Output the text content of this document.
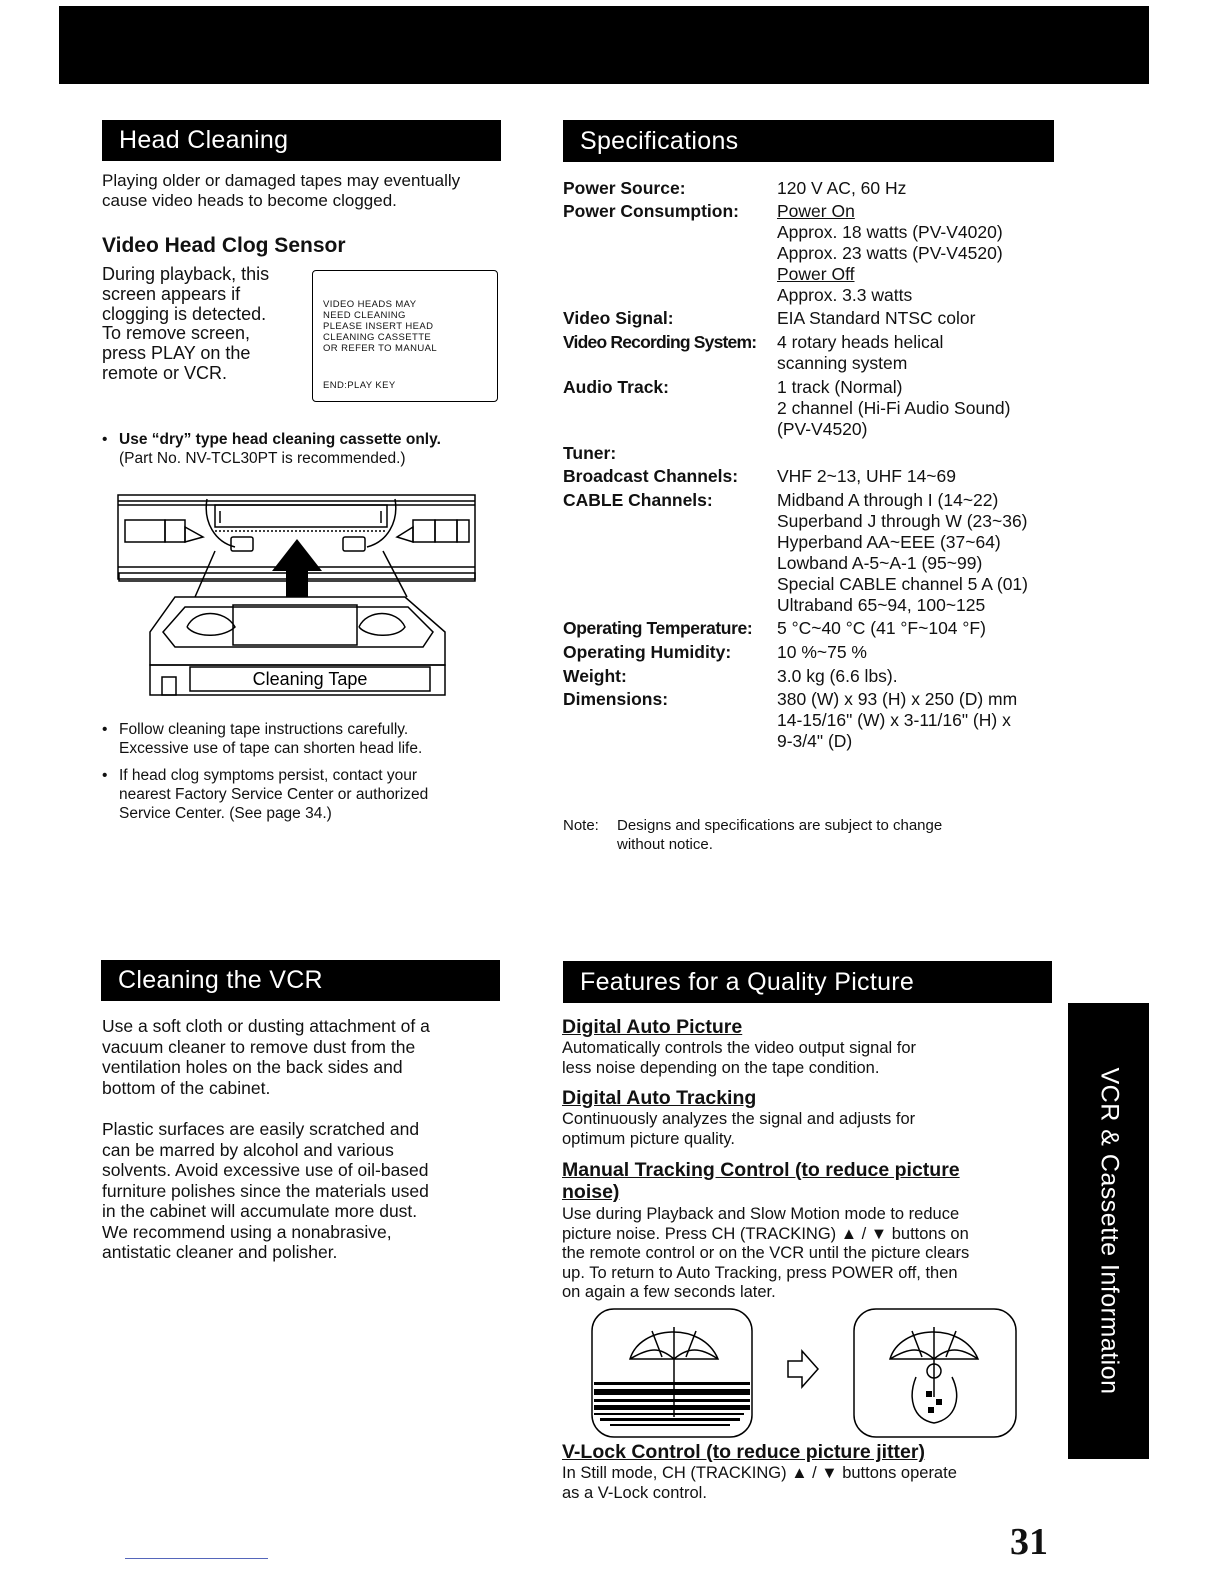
Head Cleaning
Playing older or damaged tapes may eventually
cause video heads to become clogged.
Video Head Clog Sensor
During playback, this
screen appears if
clogging is detected.
To remove screen,
press PLAY on the
remote or VCR.
VIDEO HEADS MAY
NEED CLEANING
PLEASE INSERT HEAD
CLEANING CASSETTE
OR REFER TO MANUAL
END:PLAY KEY
• Use “dry” type head cleaning cassette only.
(Part No. NV-TCL30PT is recommended.)
Cleaning Tape
• Follow cleaning tape instructions carefully.
Excessive use of tape can shorten head life.
• If head clog symptoms persist, contact your
nearest Factory Service Center or authorized
Service Center. (See page 34.)
Specifications
Power Source:	120 V AC, 60 Hz
Power Consumption: Power On
Approx. 18 watts (PV-V4020)
Approx. 23 watts (PV-V4520)
Power Off
Approx. 3.3 watts
Video Signal:	EIA Standard NTSC color
Video Recording System: 4 rotary heads helical
scanning system
Audio Track:	1 track (Normal)
2 channel (Hi-Fi Audio Sound)
(PV-V4520)
Tuner:
Broadcast Channels: VHF 2~13, UHF 14~69
CABLE Channels:	Midband A through I (14~22)
Superband J through W (23~36)
Hyperband AA~EEE (37~64)
Lowband A-5~A-1 (95~99)
Special CABLE channel 5 A (01)
Ultraband 65~94, 100~125
Operating Temperature: 5 °C~40 °C (41 °F~104 °F)
Operating Humidity:	10 %~75 %
Weight:	3.0 kg (6.6 lbs).
Dimensions:	380 (W) x 93 (H) x 250 (D) mm
14-15/16" (W) x 3-11/16" (H) x
9-3/4" (D)
Note: Designs and specifications are subject to change
without notice.
Cleaning the VCR
Use a soft cloth or dusting attachment of a
vacuum cleaner to remove dust from the
ventilation holes on the back sides and
bottom of the cabinet.
Plastic surfaces are easily scratched and
can be marred by alcohol and various
solvents. Avoid excessive use of oil-based
furniture polishes since the materials used
in the cabinet will accumulate more dust.
We recommend using a nonabrasive,
antistatic cleaner and polisher.
Features for a Quality Picture
Digital Auto Picture
Automatically controls the video output signal for
less noise depending on the tape condition.
Digital Auto Tracking
Continuously analyzes the signal and adjusts for
optimum picture quality.
Manual Tracking Control (to reduce picture
noise)
Use during Playback and Slow Motion mode to reduce
picture noise. Press CH (TRACKING) ▲ / ▼ buttons on
the remote control or on the VCR until the picture clears
up. To return to Auto Tracking, press POWER off, then
on again a few seconds later.
V-Lock Control (to reduce picture jitter)
In Still mode, CH (TRACKING) ▲ / ▼ buttons operate
as a V-Lock control.
VCR & Cassette Information
31
